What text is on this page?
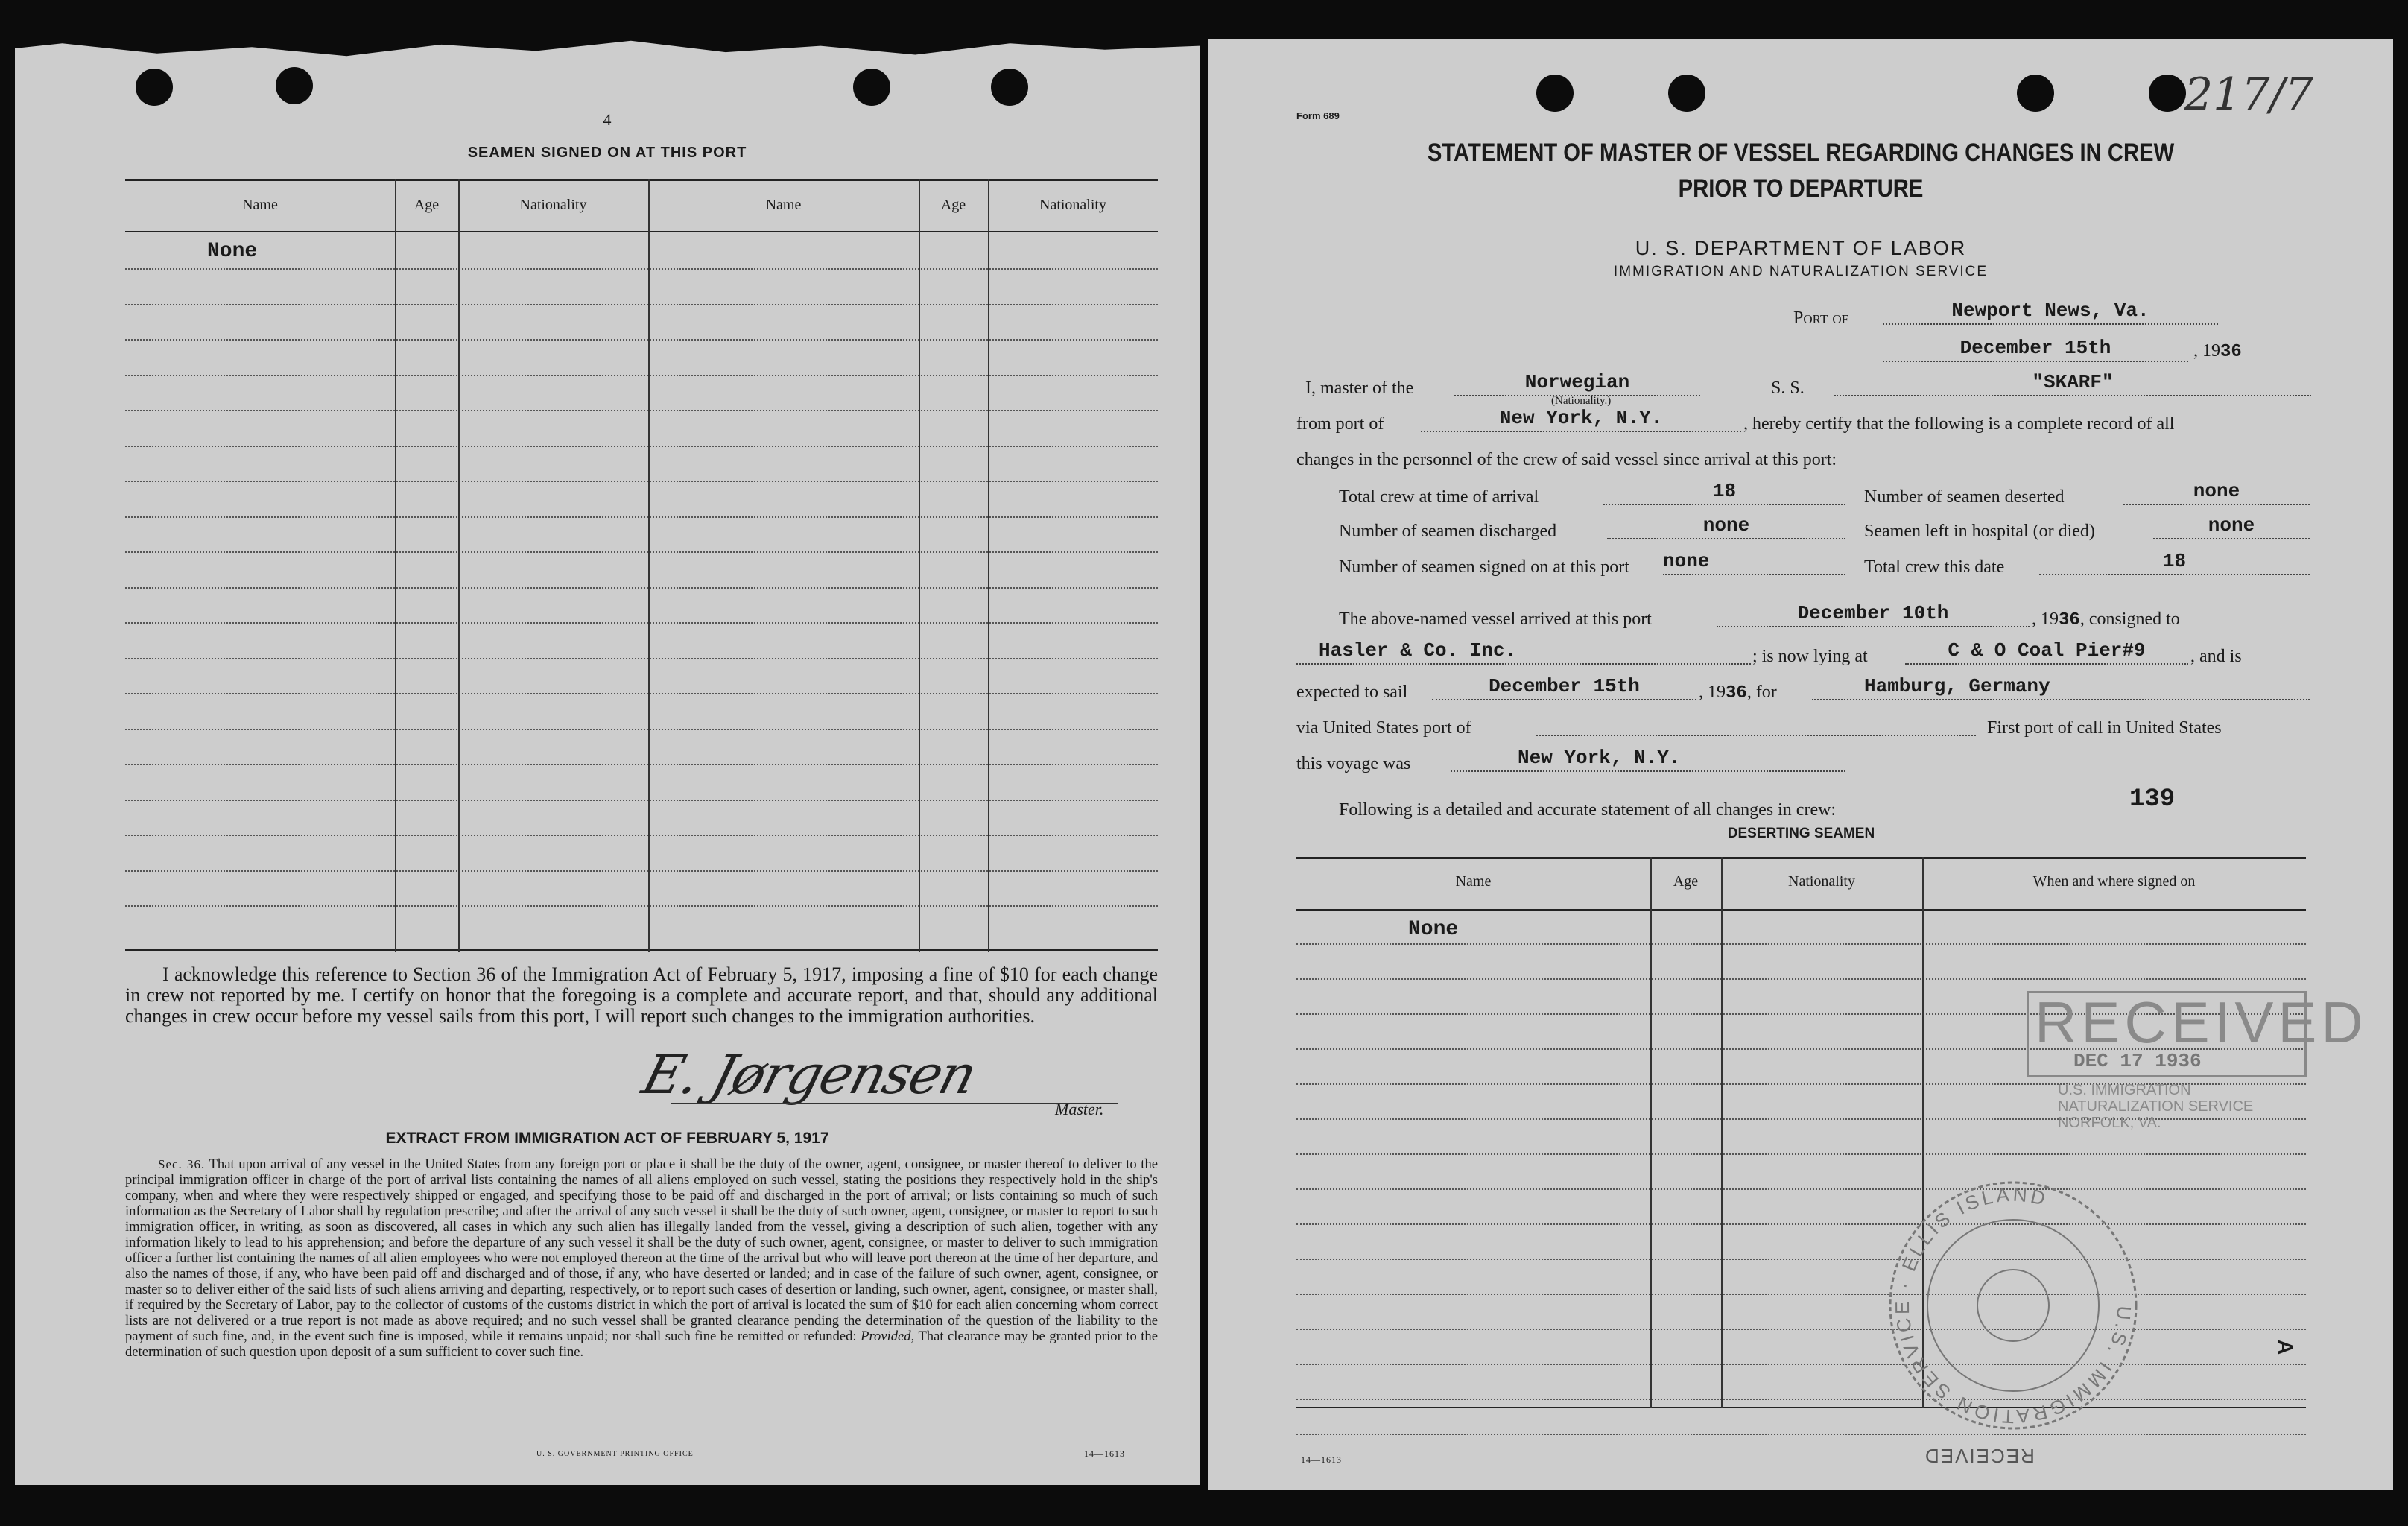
4
SEAMEN SIGNED ON AT THIS PORT
Name	Age	Nationality	Name	Age	Nationality
None
I acknowledge this reference to Section 36 of the Immigration Act of February 5, 1917, imposing a fine of $10 for each change in crew not reported by me. I certify on honor that the foregoing is a complete and accurate report, and that, should any additional changes in crew occur before my vessel sails from this port, I will report such changes to the immigration authorities.
E. Jørgensen
Master.
EXTRACT FROM IMMIGRATION ACT OF FEBRUARY 5, 1917
Sec. 36. That upon arrival of any vessel in the United States from any foreign port or place it shall be the duty of the owner, agent, consignee, or master thereof to deliver to the principal immigration officer in charge of the port of arrival lists containing the names of all aliens employed on such vessel, stating the positions they respectively hold in the ship's company, when and where they were respectively shipped or engaged, and specifying those to be paid off and discharged in the port of arrival; or lists containing so much of such information as the Secretary of Labor shall by regulation prescribe; and after the arrival of any such vessel it shall be the duty of such owner, agent, consignee, or master to report to such immigration officer, in writing, as soon as discovered, all cases in which any such alien has illegally landed from the vessel, giving a description of such alien, together with any information likely to lead to his apprehension; and before the departure of any such vessel it shall be the duty of such owner, agent, consignee, or master to deliver to such immigration officer a further list containing the names of all alien employees who were not employed thereon at the time of the arrival but who will leave port thereon at the time of her departure, and also the names of those, if any, who have been paid off and discharged and of those, if any, who have deserted or landed; and in case of the failure of such owner, agent, consignee, or master so to deliver either of the said lists of such aliens arriving and departing, respectively, or to report such cases of desertion or landing, such owner, agent, consignee, or master shall, if required by the Secretary of Labor, pay to the collector of customs of the customs district in which the port of arrival is located the sum of $10 for each alien concerning whom correct lists are not delivered or a true report is not made as above required; and no such vessel shall be granted clearance pending the determination of the question of the liability to the payment of such fine, and, in the event such fine is imposed, while it remains unpaid; nor shall such fine be remitted or refunded: Provided, That clearance may be granted prior to the determination of such question upon deposit of a sum sufficient to cover such fine.
U. S. GOVERNMENT PRINTING OFFICE	14—1613
Form 689	217/7
STATEMENT OF MASTER OF VESSEL REGARDING CHANGES IN CREW
PRIOR TO DEPARTURE
U. S. DEPARTMENT OF LABOR
IMMIGRATION AND NATURALIZATION SERVICE
Port of	Newport News, Va.
December 15th	, 1936
I, master of the	Norwegian
(Nationality.)
S. S.	"SKARF"
from port of	New York, N.Y.	, hereby certify that the following is a complete record of all
changes in the personnel of the crew of said vessel since arrival at this port:
Total crew at time of arrival	18	Number of seamen deserted	none
Number of seamen discharged	none	Seamen left in hospital (or died)	none
Number of seamen signed on at this port none	Total crew this date	18
The above-named vessel arrived at this port	December 10th	, 1936, consigned to
Hasler & Co. Inc.	; is now lying at	C & O Coal Pier#9	, and is
expected to sail	December 15th	, 1936, for	Hamburg, Germany
via United States port of	First port of call in United States
this voyage was	New York, N.Y.
Following is a detailed and accurate statement of all changes in crew:	139
DESERTING SEAMEN
Name	Age	Nationality	When and where signed on
None
RECEIVED
DEC 17 1936
U.S. IMMIGRATION
NATURALIZATION SERVICE
NORFOLK, VA.
U.S. IMMIGRATION SERVICE · ELLIS ISLAND
RECEIVED
A
14—1613
